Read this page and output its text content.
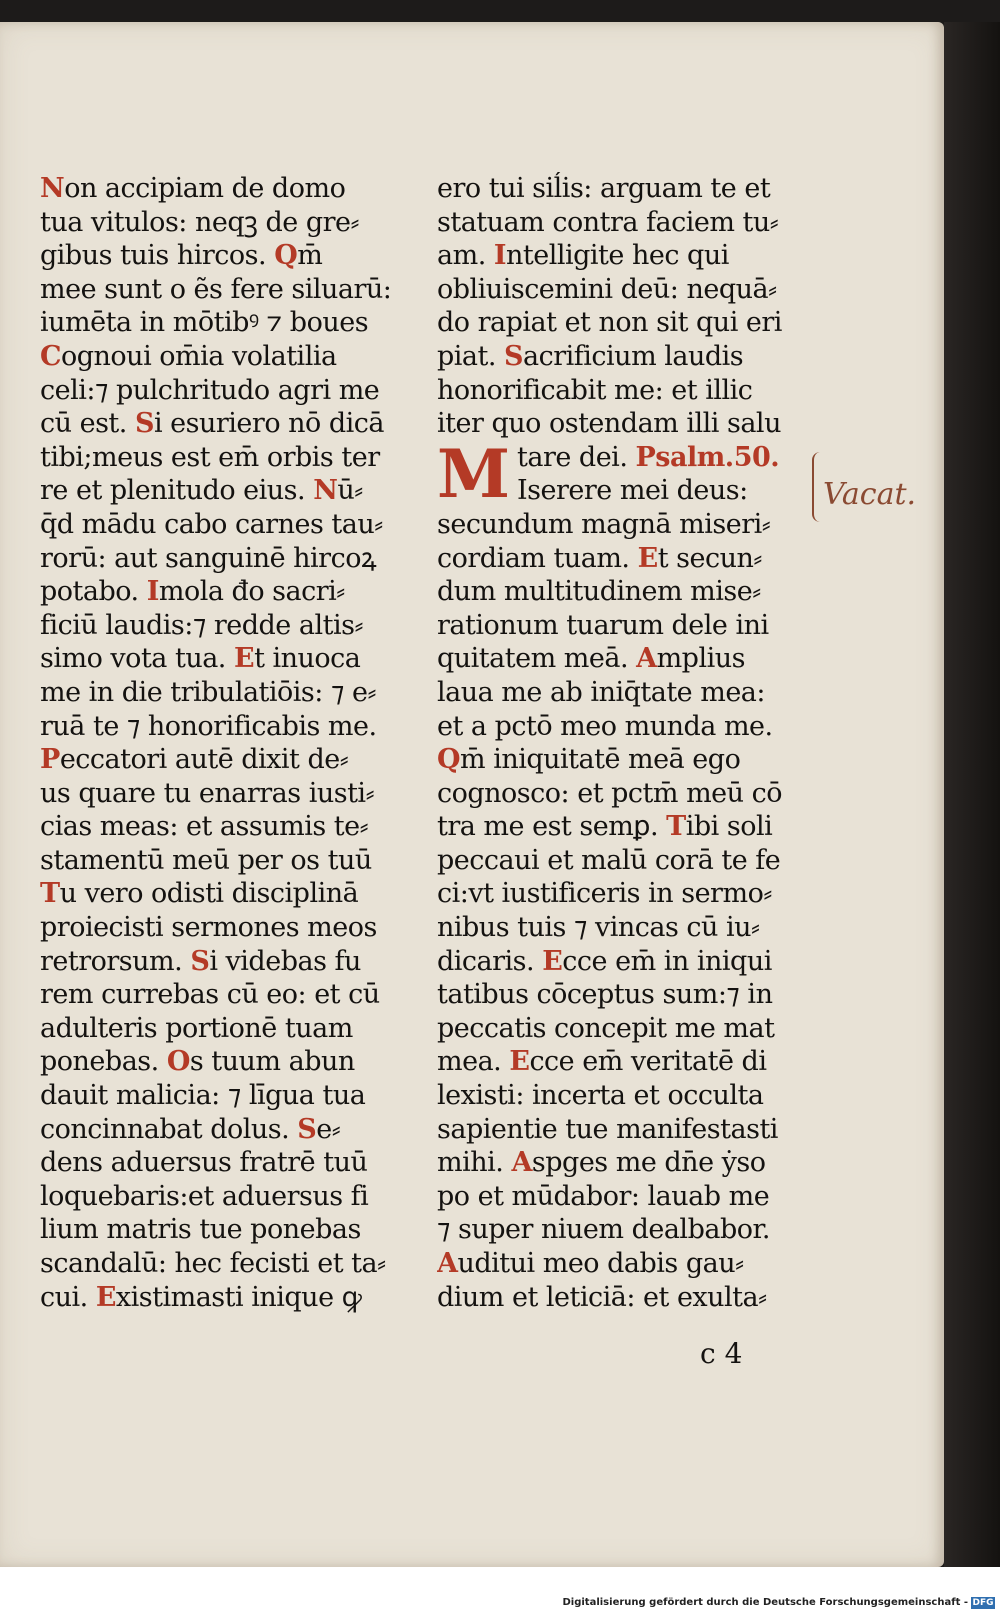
Non accipiam de domo
tua vitulos: neqꝫ de gre⸗
gibus tuis hircos. Qm̄
mee sunt o ẽs fere siluarū:
iumēta in mōtibꝰ ⁊ boues
Cognoui om̄ia volatilia
celi:⁊ pulchritudo agri me
cū est. Si esuriero nō dicā
tibi;meus est em̄ orbis ter
re et plenitudo eius. Nū⸗
q̄d mādu cabo carnes tau⸗
rorū: aut sanguinē hircoꝝ
potabo. Imola đo sacri⸗
ficiū laudis:⁊ redde altis⸗
simo vota tua. Et inuoca
me in die tribulatiōis: ⁊ e⸗
ruā te ⁊ honorificabis me.
Peccatori autē dixit de⸗
us quare tu enarras iusti⸗
cias meas: et assumis te⸗
stamentū meū per os tuū
Tu vero odisti disciplinā
proiecisti sermones meos
retrorsum. Si videbas fu
rem currebas cū eo: et cū
adulteris portionē tuam
ponebas. Os tuum abun
dauit malicia: ⁊ līgua tua
concinnabat dolus. Se⸗
dens aduersus fratrē tuū
loquebaris:et aduersus fi
lium matris tue ponebas
scandalū: hec fecisti et ta⸗
cui. Existimasti inique ꝙ
M
ero tui siĺis: arguam te et
statuam contra faciem tu⸗
am. Intelligite hec qui
obliuiscemini deū: nequā⸗
do rapiat et non sit qui eri
piat. Sacrificium laudis
honorificabit me: et illic
iter quo ostendam illi salu
tare dei. Psalm.50.
Iserere mei deus:
secundum magnā miseri⸗
cordiam tuam. Et secun⸗
dum multitudinem mise⸗
rationum tuarum dele ini
quitatem meā. Amplius
laua me ab iniq̄tate mea:
et a pctō meo munda me.
Qm̄ iniquitatē meā ego
cognosco: et pctm̄ meū cō
tra me est semꝑ. Tibi soli
peccaui et malū corā te fe
ci:vt iustificeris in sermo⸗
nibus tuis ⁊ vincas cū iu⸗
dicaris. Ecce em̄ in iniqui
tatibus cōceptus sum:⁊ in
peccatis concepit me mat
mea. Ecce em̄ veritatē di
lexisti: incerta et occulta
sapientie tue manifestasti
mihi. Aspges me dn̄e ẏso
po et mūdabor: lauab me
⁊ super niuem dealbabor.
Auditui meo dabis gau⸗
dium et leticiā: et exulta⸗
c 4
Vacat.
Digitalisierung gefördert durch die Deutsche Forschungsgemeinschaft - DFG
